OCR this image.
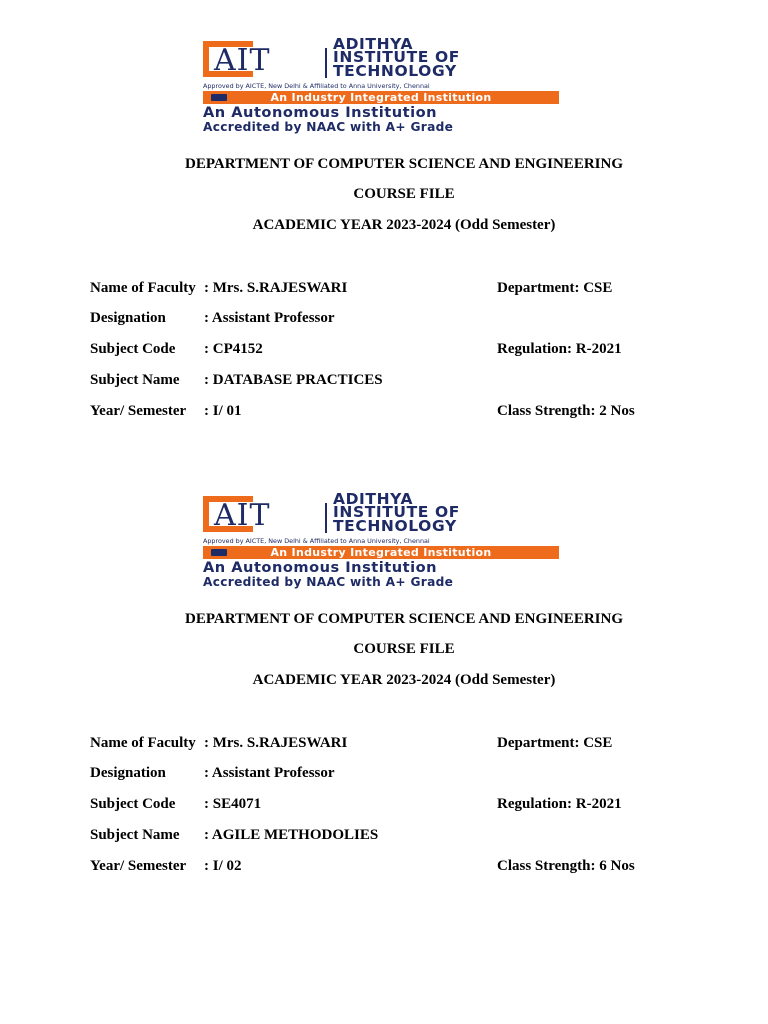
AIT	ADITHYA
INSTITUTE OF
TECHNOLOGY
Approved by AICTE, New Delhi & Affiliated to Anna University, Chennai
An Industry Integrated Institution
An Autonomous Institution
Accredited by NAAC with A+ Grade
DEPARTMENT OF COMPUTER SCIENCE AND ENGINEERING
COURSE FILE
ACADEMIC YEAR 2023-2024 (Odd Semester)
Name of Faculty : Mrs. S.RAJESWARI	Department: CSE
Designation	: Assistant Professor
Subject Code : CP4152	Regulation: R-2021
Subject Name : DATABASE PRACTICES
Year/ Semester : I/ 01	Class Strength: 2 Nos
AIT	ADITHYA
INSTITUTE OF
TECHNOLOGY
Approved by AICTE, New Delhi & Affiliated to Anna University, Chennai
An Industry Integrated Institution
An Autonomous Institution
Accredited by NAAC with A+ Grade
DEPARTMENT OF COMPUTER SCIENCE AND ENGINEERING
COURSE FILE
ACADEMIC YEAR 2023-2024 (Odd Semester)
Name of Faculty : Mrs. S.RAJESWARI	Department: CSE
Designation	: Assistant Professor
Subject Code : SE4071	Regulation: R-2021
Subject Name : AGILE METHODOLIES
Year/ Semester : I/ 02	Class Strength: 6 Nos
